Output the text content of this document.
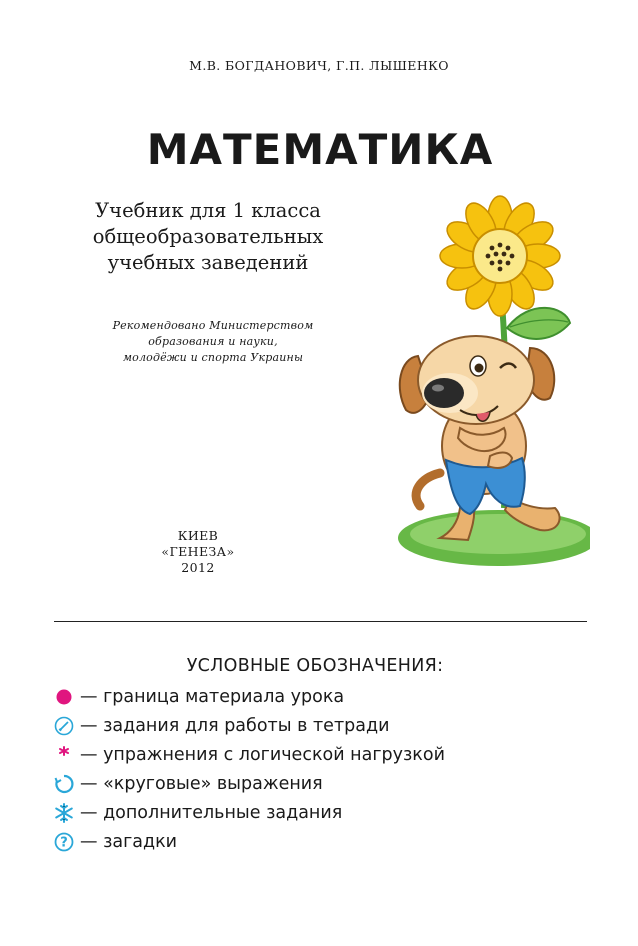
М.В. БОГДАНОВИЧ, Г.П. ЛЫШЕНКО
МАТЕМАТИКА
Учебник для 1 класса
общеобразовательных
учебных заведений
Рекомендовано Министерством
образования и науки,
молодёжи и спорта Украины
КИЕВ
«ГЕНЕЗА»
2012
УСЛОВНЫЕ ОБОЗНАЧЕНИЯ:
— граница материала урока
— задания для работы в тетради
— упражнения с логической нагрузкой
— «круговые» выражения
— дополнительные задания
? — загадки
